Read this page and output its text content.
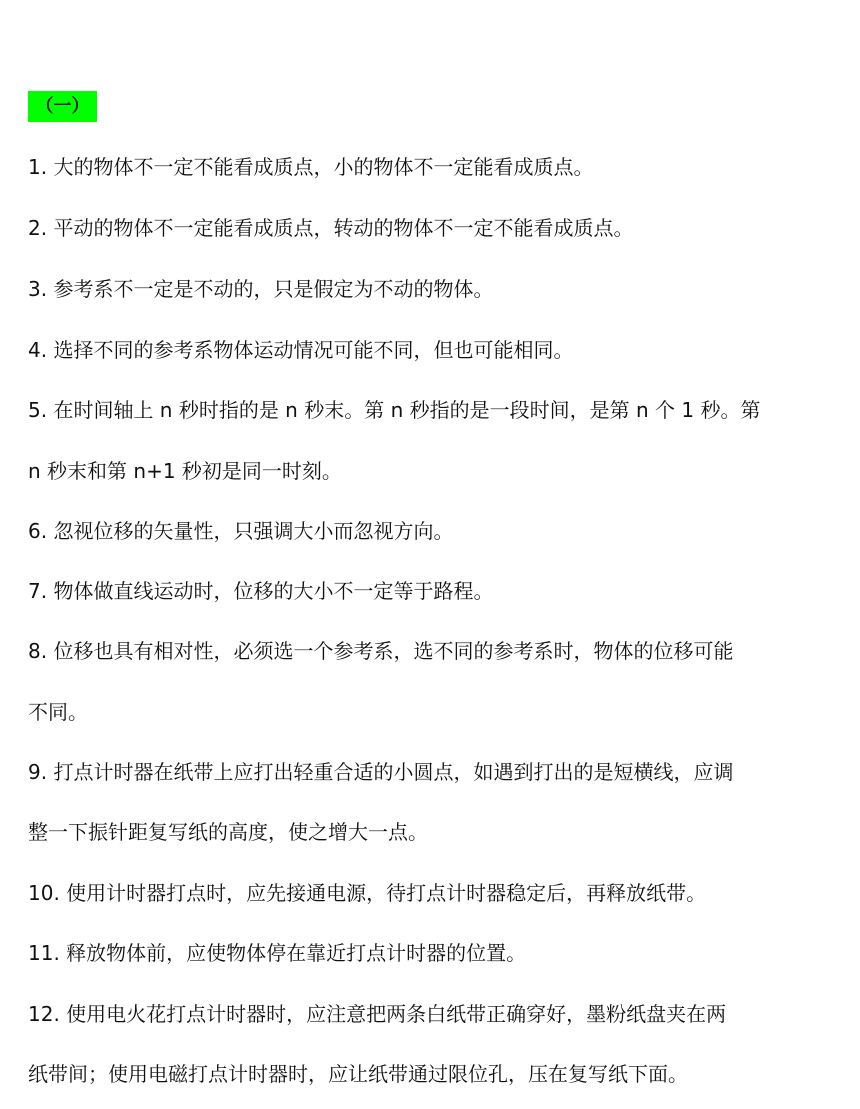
（一）
1. 大的物体不一定不能看成质点，小的物体不一定能看成质点。
2. 平动的物体不一定能看成质点，转动的物体不一定不能看成质点。
3. 参考系不一定是不动的，只是假定为不动的物体。
4. 选择不同的参考系物体运动情况可能不同，但也可能相同。
5. 在时间轴上 n 秒时指的是 n 秒末。第 n 秒指的是一段时间，是第 n 个 1 秒。第
n 秒末和第 n+1 秒初是同一时刻。
6. 忽视位移的矢量性，只强调大小而忽视方向。
7. 物体做直线运动时，位移的大小不一定等于路程。
8. 位移也具有相对性，必须选一个参考系，选不同的参考系时，物体的位移可能
不同。
9. 打点计时器在纸带上应打出轻重合适的小圆点，如遇到打出的是短横线，应调
整一下振针距复写纸的高度，使之增大一点。
10. 使用计时器打点时，应先接通电源，待打点计时器稳定后，再释放纸带。
11. 释放物体前，应使物体停在靠近打点计时器的位置。
12. 使用电火花打点计时器时，应注意把两条白纸带正确穿好，墨粉纸盘夹在两
纸带间；使用电磁打点计时器时，应让纸带通过限位孔，压在复写纸下面。
